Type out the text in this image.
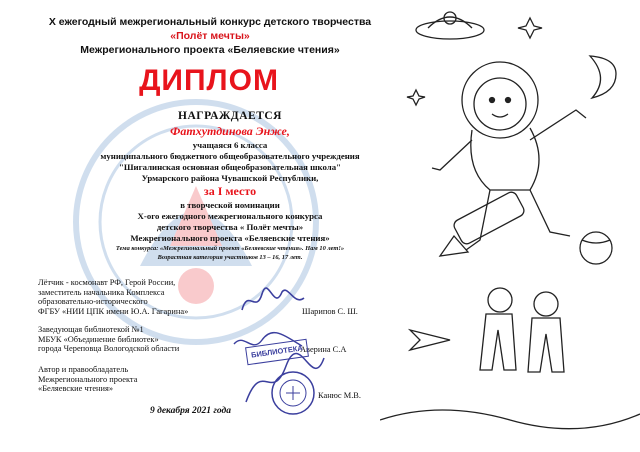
X ежегодный межрегиональный конкурс детского творчества
«Полёт мечты»
Межрегионального проекта «Беляевские чтения»
ДИПЛОМ
НАГРАЖДАЕТСЯ
Фатхутдинова Энже,
учащаяся 6 класса
муниципального бюджетного общеобразовательного учреждения
"Шигалинская основная общеобразовательная школа"
Урмарского района Чувашской Республики,
за I место
в творческой номинации
X-ого ежегодного межрегионального конкурса
детского творчества « Полёт мечты»
Межрегионального проекта «Беляевские чтения»
Тема конкурса: «Межрегиональный проект «Беляевские чтения». Нам 10 лет!»
Возрастная категория участников 13 – 16, 17 лет.
Лётчик - космонавт РФ, Герой России,
заместитель начальника Комплекса
образовательно-исторического
ФГБУ «НИИ ЦПК имени Ю.А. Гагарина»	Шарипов С. Ш.
Заведующая библиотекой №1
МБУК «Объединение библиотек»
города Череповца Вологодской области	Аверина С.А
Автор и правообладатель
Межрегионального проекта
«Беляевские чтения»
Канюс М.В.
БИБЛИОТЕКА
9 декабря 2021 года
